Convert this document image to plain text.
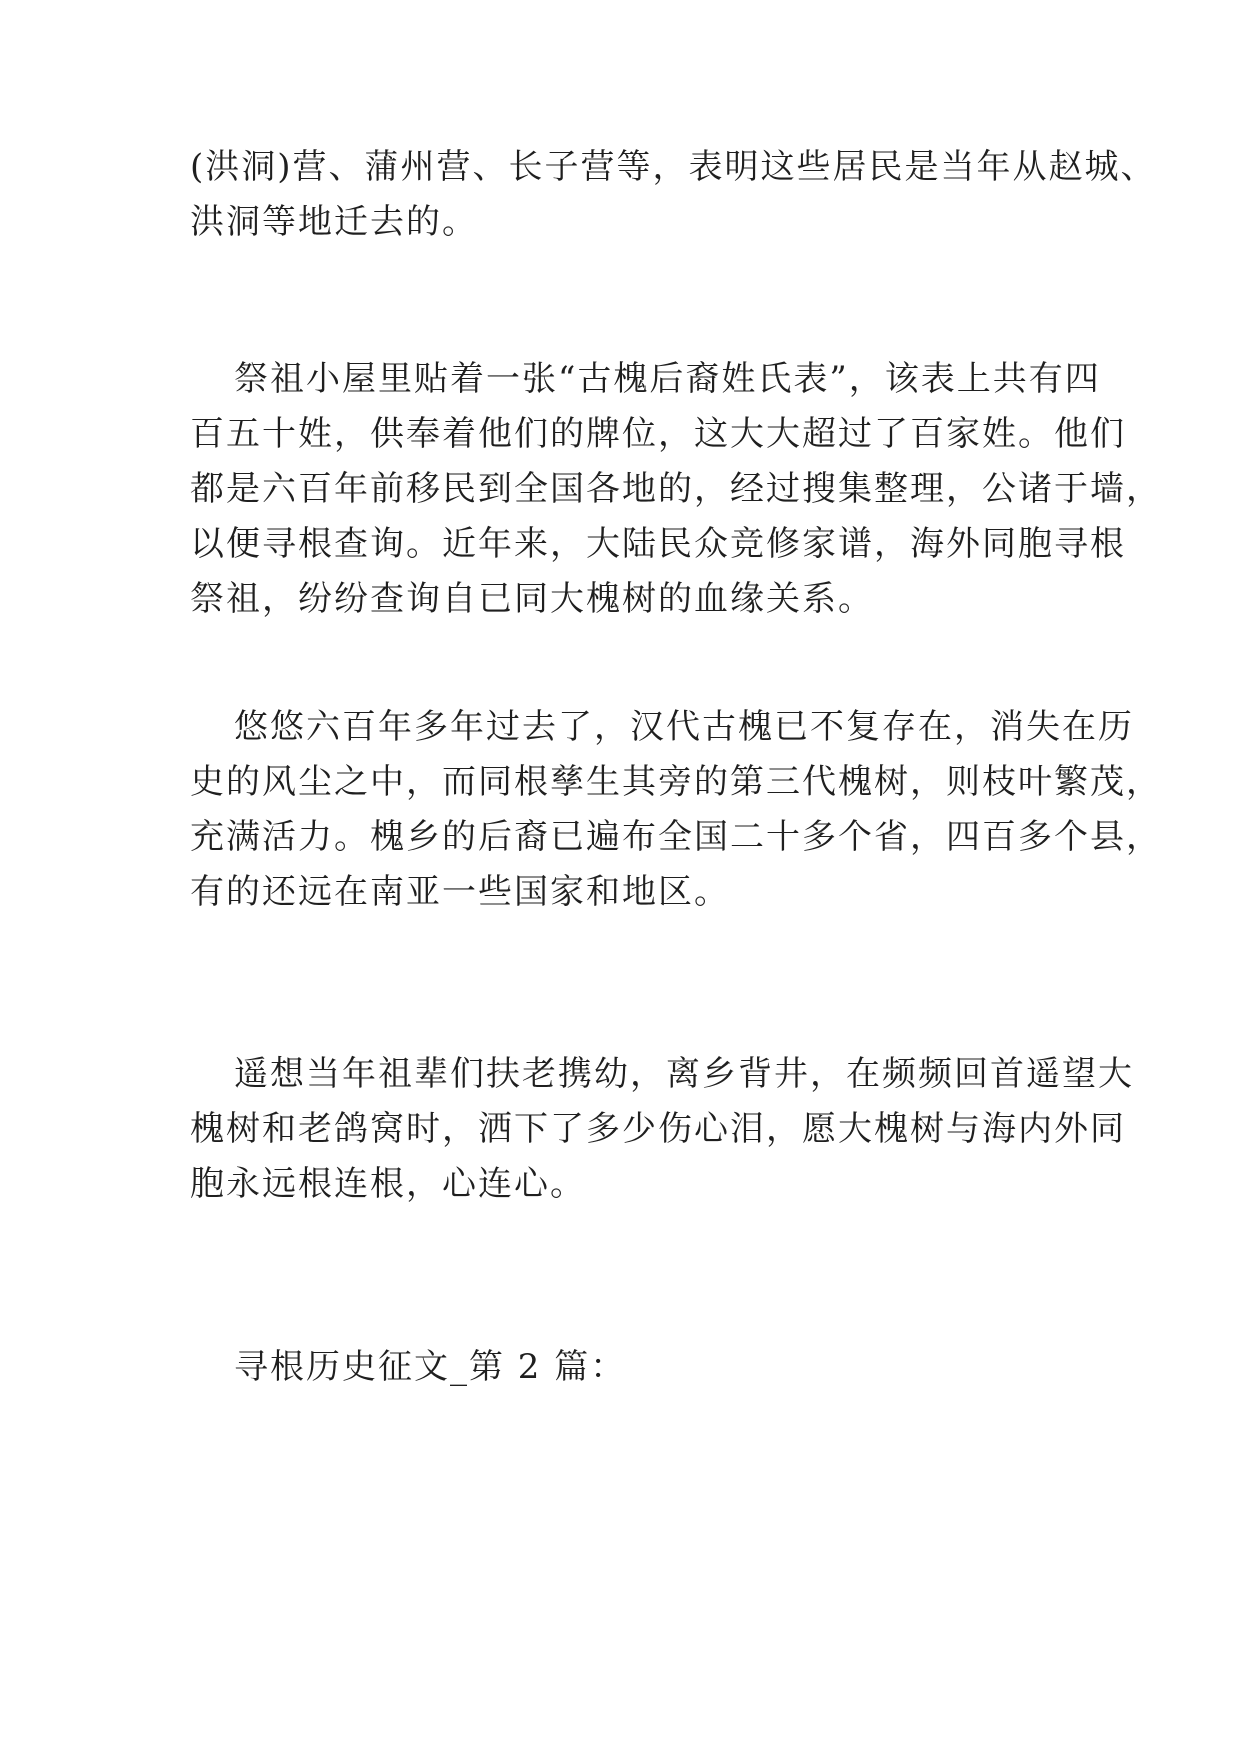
(洪洞)营、蒲州营、长子营等，表明这些居民是当年从赵城、
洪洞等地迁去的。
祭祖小屋里贴着一张“古槐后裔姓氏表”，该表上共有四
百五十姓，供奉着他们的牌位，这大大超过了百家姓。他们
都是六百年前移民到全国各地的，经过搜集整理，公诸于墙，
以便寻根查询。近年来，大陆民众竞修家谱，海外同胞寻根
祭祖，纷纷查询自已同大槐树的血缘关系。
悠悠六百年多年过去了，汉代古槐已不复存在，消失在历
史的风尘之中，而同根孳生其旁的第三代槐树，则枝叶繁茂，
充满活力。槐乡的后裔已遍布全国二十多个省，四百多个县，
有的还远在南亚一些国家和地区。
遥想当年祖辈们扶老携幼，离乡背井，在频频回首遥望大
槐树和老鸽窝时，洒下了多少伤心泪，愿大槐树与海内外同
胞永远根连根，心连心。
寻根历史征文_第 2 篇：
